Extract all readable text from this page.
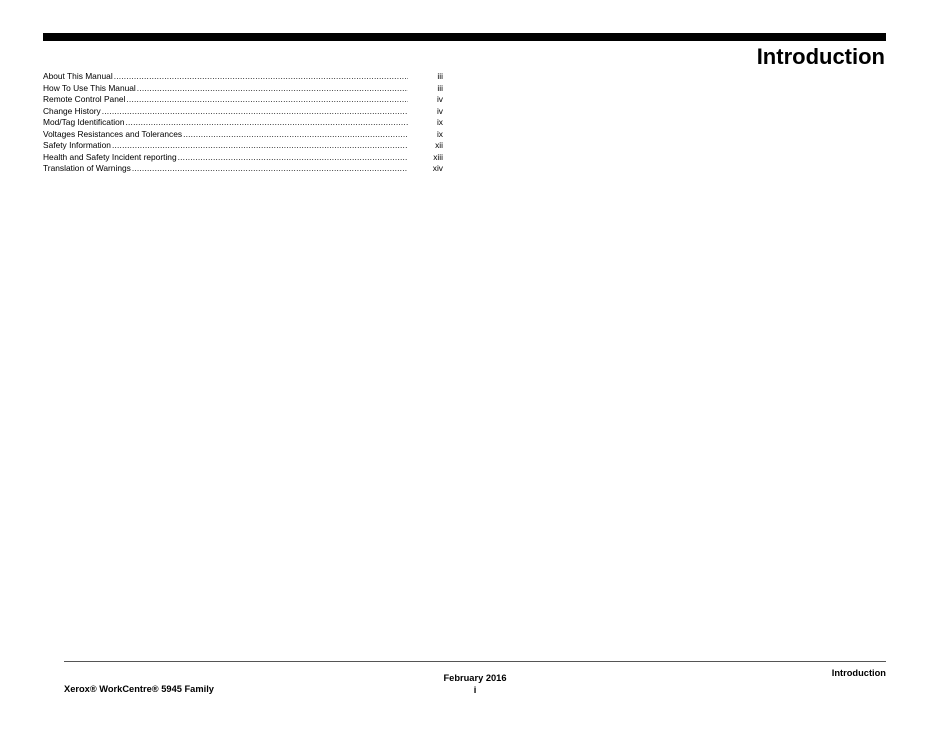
Introduction
About This Manual .....	iii
How To Use This Manual .....	iii
Remote Control Panel .....	iv
Change History .....	iv
Mod/Tag Identification .....	ix
Voltages Resistances and Tolerances .....	ix
Safety Information .....	xii
Health and Safety Incident reporting .....	xiii
Translation of Warnings .....	xiv
Xerox® WorkCentre® 5945 Family
February 2016
i
Introduction
